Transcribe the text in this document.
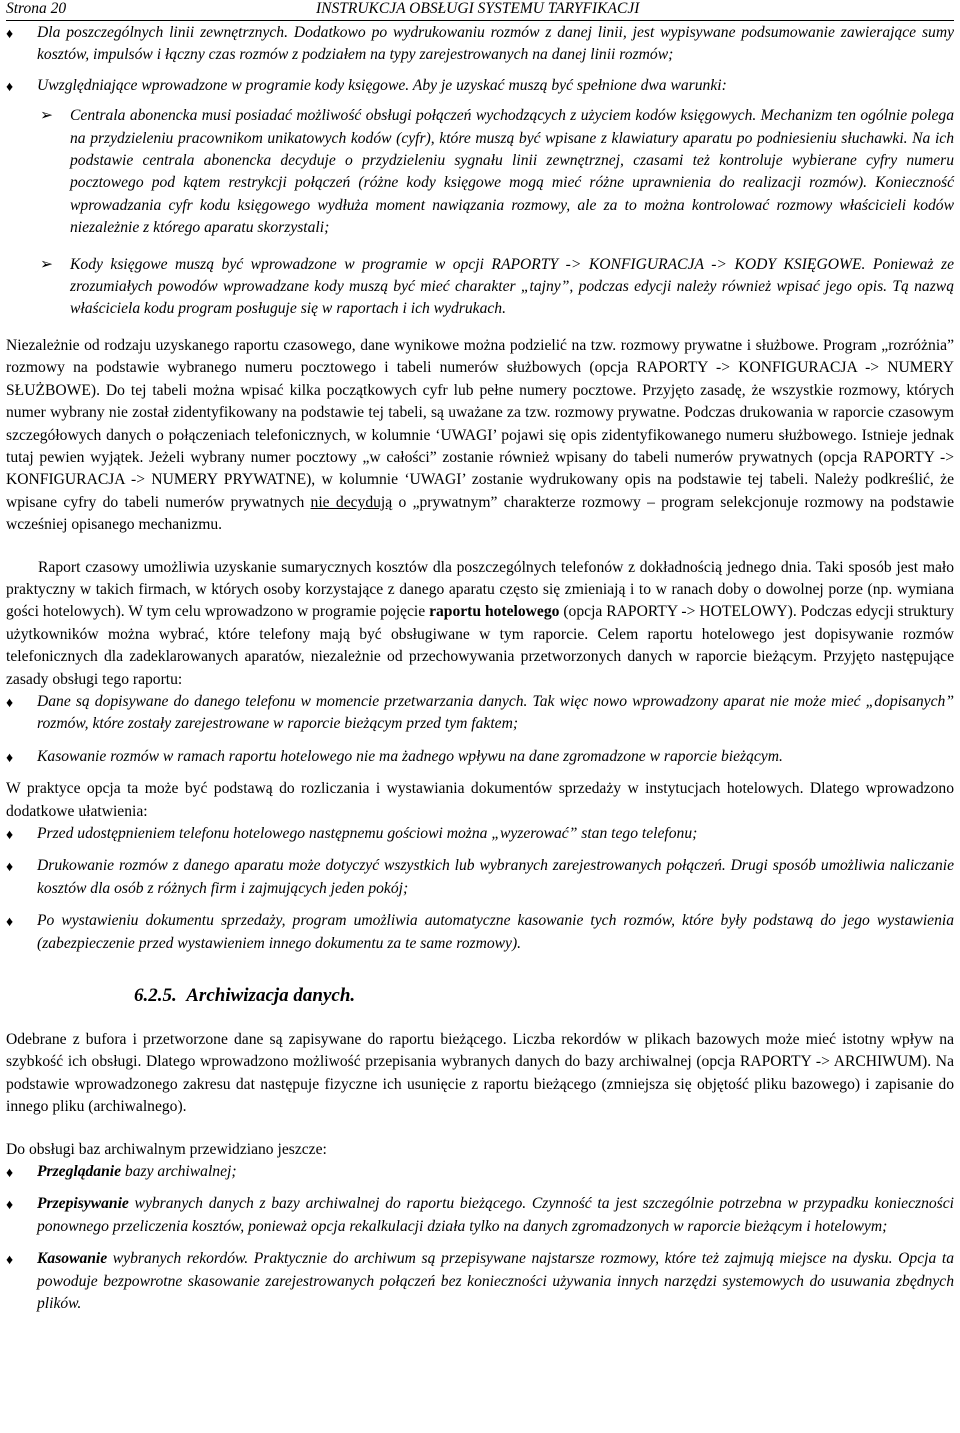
Strona 20	INSTRUKCJA OBSŁUGI SYSTEMU TARYFIKACJI
♦ Dla poszczególnych linii zewnętrznych. Dodatkowo po wydrukowaniu rozmów z danej linii, jest wypisywane podsumowanie zawierające sumy kosztów, impulsów i łączny czas rozmów z podziałem na typy zarejestrowanych na danej linii rozmów;
♦ Uwzględniające wprowadzone w programie kody księgowe. Aby je uzyskać muszą być spełnione dwa warunki:
➢ Centrala abonencka musi posiadać możliwość obsługi połączeń wychodzących z użyciem kodów księgowych. Mechanizm ten ogólnie polega na przydzieleniu pracownikom unikatowych kodów (cyfr), które muszą być wpisane z klawiatury aparatu po podniesieniu słuchawki. Na ich podstawie centrala abonencka decyduje o przydzieleniu sygnału linii zewnętrznej, czasami też kontroluje wybierane cyfry numeru pocztowego pod kątem restrykcji połączeń (różne kody księgowe mogą mieć różne uprawnienia do realizacji rozmów). Konieczność wprowadzania cyfr kodu księgowego wydłuża moment nawiązania rozmowy, ale za to można kontrolować rozmowy właścicieli kodów niezależnie z którego aparatu skorzystali;
➢ Kody księgowe muszą być wprowadzone w programie w opcji RAPORTY -> KONFIGURACJA -> KODY KSIĘGOWE. Ponieważ ze zrozumiałych powodów wprowadzane kody muszą być mieć charakter „tajny”, podczas edycji należy również wpisać jego opis. Tą nazwą właściciela kodu program posługuje się w raportach i ich wydrukach.

Niezależnie od rodzaju uzyskanego raportu czasowego, dane wynikowe można podzielić na tzw. rozmowy prywatne i służbowe. Program „rozróżnia” rozmowy na podstawie wybranego numeru pocztowego i tabeli numerów służbowych (opcja RAPORTY -> KONFIGURACJA -> NUMERY SŁUŻBOWE). Do tej tabeli można wpisać kilka początkowych cyfr lub pełne numery pocztowe. Przyjęto zasadę, że wszystkie rozmowy, których numer wybrany nie został zidentyfikowany na podstawie tej tabeli, są uważane za tzw. rozmowy prywatne. Podczas drukowania w raporcie czasowym szczegółowych danych o połączeniach telefonicznych, w kolumnie ‘UWAGI’ pojawi się opis zidentyfikowanego numeru służbowego. Istnieje jednak tutaj pewien wyjątek. Jeżeli wybrany numer pocztowy „w całości” zostanie również wpisany do tabeli numerów prywatnych (opcja RAPORTY -> KONFIGURACJA -> NUMERY PRYWATNE), w kolumnie ‘UWAGI’ zostanie wydrukowany opis na podstawie tej tabeli. Należy podkreślić, że wpisane cyfry do tabeli numerów prywatnych nie decydują o „prywatnym” charakterze rozmowy – program selekcjonuje rozmowy na podstawie wcześniej opisanego mechanizmu.

Raport czasowy umożliwia uzyskanie sumarycznych kosztów dla poszczególnych telefonów z dokładnością jednego dnia. Taki sposób jest mało praktyczny w takich firmach, w których osoby korzystające z danego aparatu często się zmieniają i to w ranach doby o dowolnej porze (np. wymiana gości hotelowych). W tym celu wprowadzono w programie pojęcie raportu hotelowego (opcja RAPORTY -> HOTELOWY). Podczas edycji struktury użytkowników można wybrać, które telefony mają być obsługiwane w tym raporcie. Celem raportu hotelowego jest dopisywanie rozmów telefonicznych dla zadeklarowanych aparatów, niezależnie od przechowywania przetworzonych danych w raporcie bieżącym. Przyjęto następujące zasady obsługi tego raportu:

♦ Dane są dopisywane do danego telefonu w momencie przetwarzania danych. Tak więc nowo wprowadzony aparat nie może mieć „dopisanych” rozmów, które zostały zarejestrowane w raporcie bieżącym przed tym faktem;
♦ Kasowanie rozmów w ramach raportu hotelowego nie ma żadnego wpływu na dane zgromadzone w raporcie bieżącym.

W praktyce opcja ta może być podstawą do rozliczania i wystawiania dokumentów sprzedaży w instytucjach hotelowych. Dlatego wprowadzono dodatkowe ułatwienia:

♦ Przed udostępnieniem telefonu hotelowego następnemu gościowi można „wyzerować” stan tego telefonu;
♦ Drukowanie rozmów z danego aparatu może dotyczyć wszystkich lub wybranych zarejestrowanych połączeń. Drugi sposób umożliwia naliczanie kosztów dla osób z różnych firm i zajmujących jeden pokój;
♦ Po wystawieniu dokumentu sprzedaży, program umożliwia automatyczne kasowanie tych rozmów, które były podstawą do jego wystawienia (zabezpieczenie przed wystawieniem innego dokumentu za te same rozmowy).
6.2.5. Archiwizacja danych.

Odebrane z bufora i przetworzone dane są zapisywane do raportu bieżącego. Liczba rekordów w plikach bazowych może mieć istotny wpływ na szybkość ich obsługi. Dlatego wprowadzono możliwość przepisania wybranych danych do bazy archiwalnej (opcja RAPORTY -> ARCHIWUM). Na podstawie wprowadzonego zakresu dat następuje fizyczne ich usunięcie z raportu bieżącego (zmniejsza się objętość pliku bazowego) i zapisanie do innego pliku (archiwalnego).

Do obsługi baz archiwalnym przewidziano jeszcze:

♦ Przeglądanie bazy archiwalnej;
♦ Przepisywanie wybranych danych z bazy archiwalnej do raportu bieżącego. Czynność ta jest szczególnie potrzebna w przypadku konieczności ponownego przeliczenia kosztów, ponieważ opcja rekalkulacji działa tylko na danych zgromadzonych w raporcie bieżącym i hotelowym;
♦ Kasowanie wybranych rekordów. Praktycznie do archiwum są przepisywane najstarsze rozmowy, które też zajmują miejsce na dysku. Opcja ta powoduje bezpowrotne skasowanie zarejestrowanych połączeń bez konieczności używania innych narzędzi systemowych do usuwania zbędnych plików.
